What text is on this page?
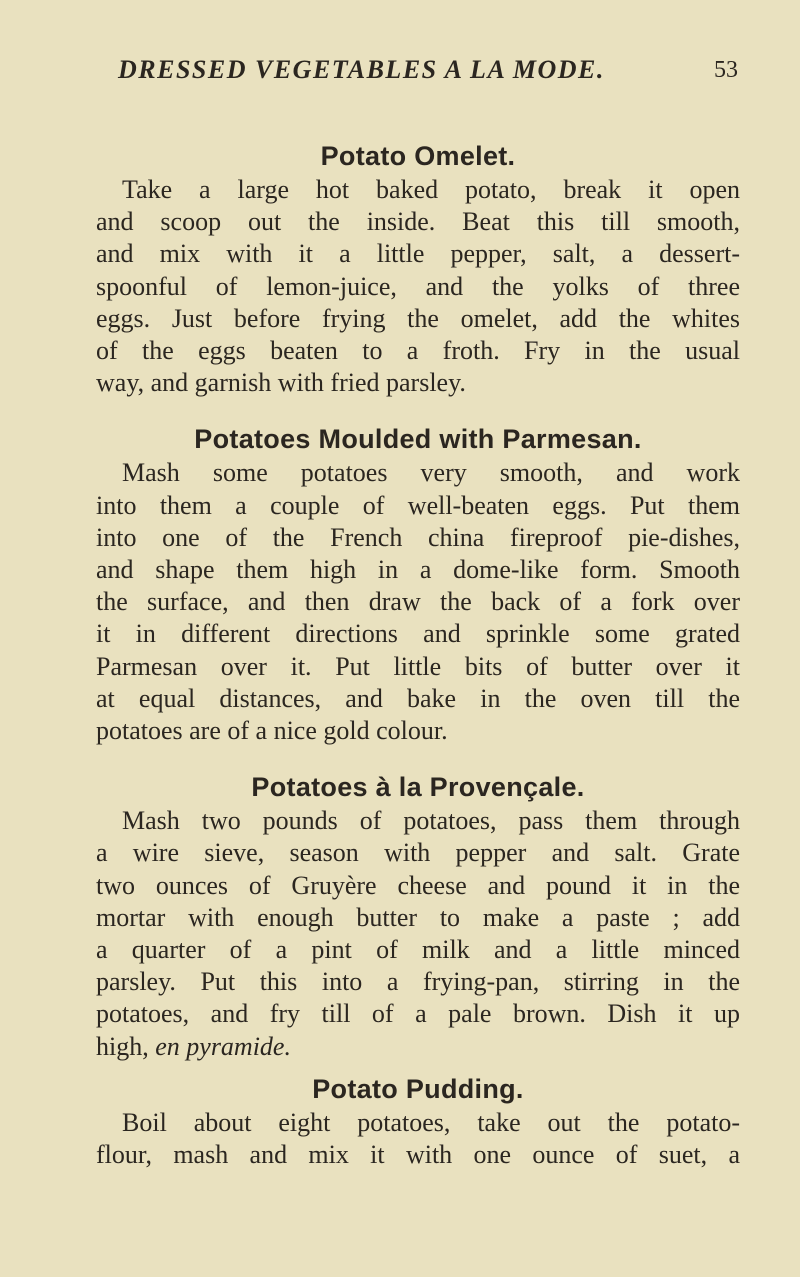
DRESSED VEGETABLES A LA MODE.	53
Potato Omelet.

Take a large hot baked potato, break it open
and scoop out the inside. Beat this till smooth,
and mix with it a little pepper, salt, a dessert-
spoonful of lemon-juice, and the yolks of three
eggs. Just before frying the omelet, add the whites
of the eggs beaten to a froth. Fry in the usual
way, and garnish with fried parsley.

Potatoes Moulded with Parmesan.

Mash some potatoes very smooth, and work
into them a couple of well-beaten eggs. Put them
into one of the French china fireproof pie-dishes,
and shape them high in a dome-like form. Smooth
the surface, and then draw the back of a fork over
it in different directions and sprinkle some grated
Parmesan over it. Put little bits of butter over it
at equal distances, and bake in the oven till the
potatoes are of a nice gold colour.

Potatoes à la Provençale.

Mash two pounds of potatoes, pass them through
a wire sieve, season with pepper and salt. Grate
two ounces of Gruyère cheese and pound it in the
mortar with enough butter to make a paste ; add
a quarter of a pint of milk and a little minced
parsley. Put this into a frying-pan, stirring in the
potatoes, and fry till of a pale brown. Dish it up
high, en pyramide.

Potato Pudding.

Boil about eight potatoes, take out the potato-
flour, mash and mix it with one ounce of suet, a
